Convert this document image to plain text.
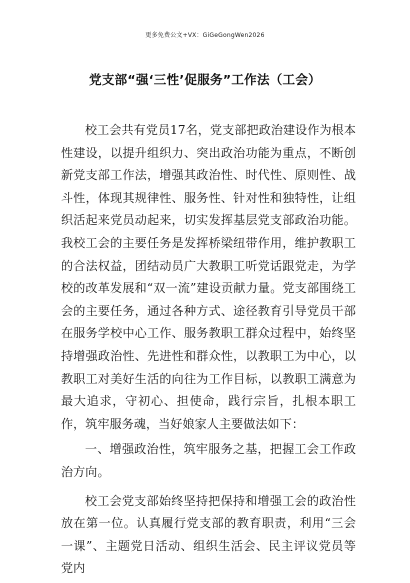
更多免费公文+VX：GiGeGongWen2026
党支部“强‘三性’促服务”工作法（工会）

校工会共有党员17名，党支部把政治建设作为根本性建设，以提升组织力、突出政治功能为重点，不断创新党支部工作法，增强其政治性、时代性、原则性、战斗性，体现其规律性、服务性、针对性和独特性，让组织活起来党员动起来，切实发挥基层党支部政治功能。我校工会的主要任务是发挥桥梁纽带作用，维护教职工的合法权益，团结动员广大教职工听党话跟党走，为学校的改革发展和“双一流”建设贡献力量。党支部围绕工会的主要任务，通过各种方式、途径教育引导党员干部在服务学校中心工作、服务教职工群众过程中，始终坚持增强政治性、先进性和群众性，以教职工为中心，以教职工对美好生活的向往为工作目标，以教职工满意为最大追求，守初心、担使命，践行宗旨，扎根本职工作，筑牢服务魂，当好娘家人主要做法如下：

一、增强政治性，筑牢服务之基，把握工会工作政治方向。

校工会党支部始终坚持把保持和增强工会的政治性放在第一位。认真履行党支部的教育职责，利用“三会一课”、主题党日活动、组织生活会、民主评议党员等党内
